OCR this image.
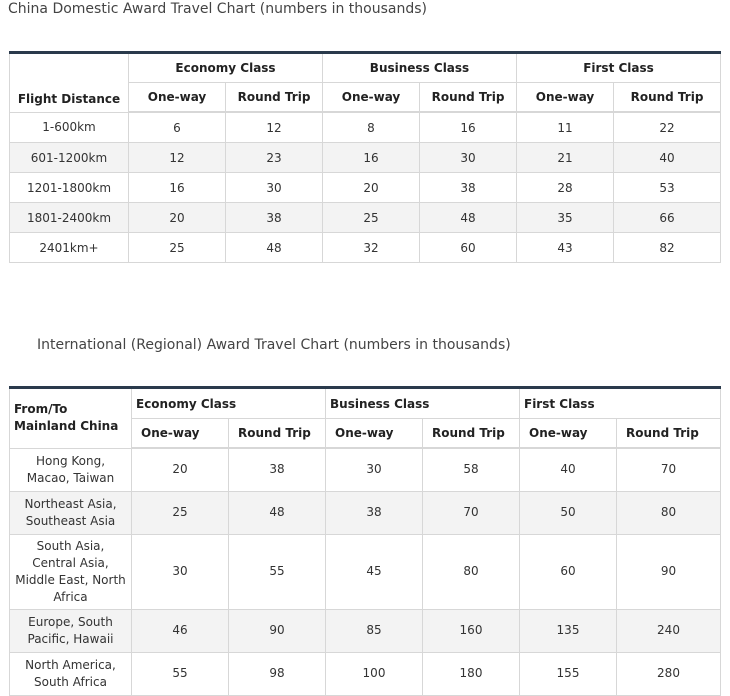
China Domestic Award Travel Chart (numbers in thousands)
Flight Distance	Economy Class		Business Class		First Class	
	One-way	Round Trip	One-way	Round Trip	One-way	Round Trip
1-600km	6	12	8	16	11	22
601-1200km	12	23	16	30	21	40
1201-1800km	16	30	20	38	28	53
1801-2400km	20	38	25	48	35	66
2401km+	25	48	32	60	43	82
International (Regional) Award Travel Chart (numbers in thousands)
From/To Mainland China	Economy Class		Business Class		First Class	
	One-way	Round Trip	One-way	Round Trip	One-way	Round Trip
Hong Kong, Macao, Taiwan	20	38	30	58	40	70
Northeast Asia, Southeast Asia	25	48	38	70	50	80
South Asia, Central Asia, Middle East, North Africa	30	55	45	80	60	90
Europe, South Pacific, Hawaii	46	90	85	160	135	240
North America, South Africa	55	98	100	180	155	280
